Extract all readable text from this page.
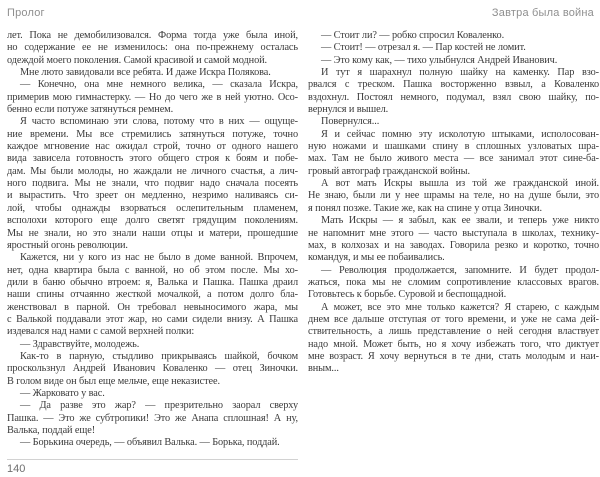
Пролог	Завтра была война
лет. Пока не демобилизовался. Форма тогда уже была иной,
но содержание ее не изменилось: она по-прежнему осталась
одеждой моего поколения. Самой красивой и самой модной.
Мне люто завидовали все ребята. И даже Искра Полякова.
— Конечно, она мне немного велика, — сказала Искра,
примерив мою гимнастерку. — Но до чего же в ней уютно. Осо-
бенно если потуже затянуться ремнем.
Я часто вспоминаю эти слова, потому что в них — ощуще-
ние времени. Мы все стремились затянуться потуже, точно
каждое мгновение нас ожидал строй, точно от одного нашего
вида зависела готовность этого общего строя к боям и побе-
дам. Мы были молоды, но жаждали не личного счастья, а лич-
ного подвига. Мы не знали, что подвиг надо сначала посеять
и вырастить. Что зреет он медленно, незримо наливаясь си-
лой, чтобы однажды взорваться ослепительным пламенем,
всполохи которого еще долго светят грядущим поколениям.
Мы не знали, но это знали наши отцы и матери, прошедшие
яростный огонь революции.
Кажется, ни у кого из нас не было в доме ванной. Впрочем,
нет, одна квартира была с ванной, но об этом после. Мы хо-
дили в баню обычно втроем: я, Валька и Пашка. Пашка драил
наши спины отчаянно жесткой мочалкой, а потом долго бла-
женствовал в парной. Он требовал невыносимого жара, мы
с Валькой поддавали этот жар, но сами сидели внизу. А Пашка
издевался над нами с самой верхней полки:
— Здравствуйте, молодежь.
Как-то в парную, стыдливо прикрываясь шайкой, бочком
проскользнул Андрей Иванович Коваленко — отец Зиночки.
В голом виде он был еще мельче, еще неказистее.
— Жарковато у вас.
— Да разве это жар? — презрительно заорал сверху
Пашка. — Это же субтропики! Это же Анапа сплошная! А ну,
Валька, поддай еще!
— Борькина очередь, — объявил Валька. — Борька, поддай.
— Стоит ли? — робко спросил Коваленко.
— Стоит! — отрезал я. — Пар костей не ломит.
— Это кому как, — тихо улыбнулся Андрей Иванович.
И тут я шарахнул полную шайку на каменку. Пар взо-
рвался с треском. Пашка восторженно взвыл, а Коваленко
вздохнул. Постоял немного, подумал, взял свою шайку, по-
вернулся и вышел.
Повернулся...
Я и сейчас помню эту исколотую штыками, исполосован-
ную ножами и шашками спину в сплошных узловатых шра-
мах. Там не было живого места — все занимал этот сине-ба-
гровый автограф гражданской войны.
А вот мать Искры вышла из той же гражданской иной.
Не знаю, были ли у нее шрамы на теле, но на душе были, это
я понял позже. Такие же, как на спине у отца Зиночки.
Мать Искры — я забыл, как ее звали, и теперь уже никто
не напомнит мне этого — часто выступала в школах, технику-
мах, в колхозах и на заводах. Говорила резко и коротко, точно
командуя, и мы ее побаивались.
— Революция продолжается, запомните. И будет продол-
жаться, пока мы не сломим сопротивление классовых врагов.
Готовьтесь к борьбе. Суровой и беспощадной.
А может, все это мне только кажется? Я старею, с каждым
днем все дальше отступая от того времени, и уже не сама дей-
ствительность, а лишь представление о ней сегодня властвует
надо мной. Может быть, но я хочу избежать того, что диктует
мне возраст. Я хочу вернуться в те дни, стать молодым и наи-
вным...
140
